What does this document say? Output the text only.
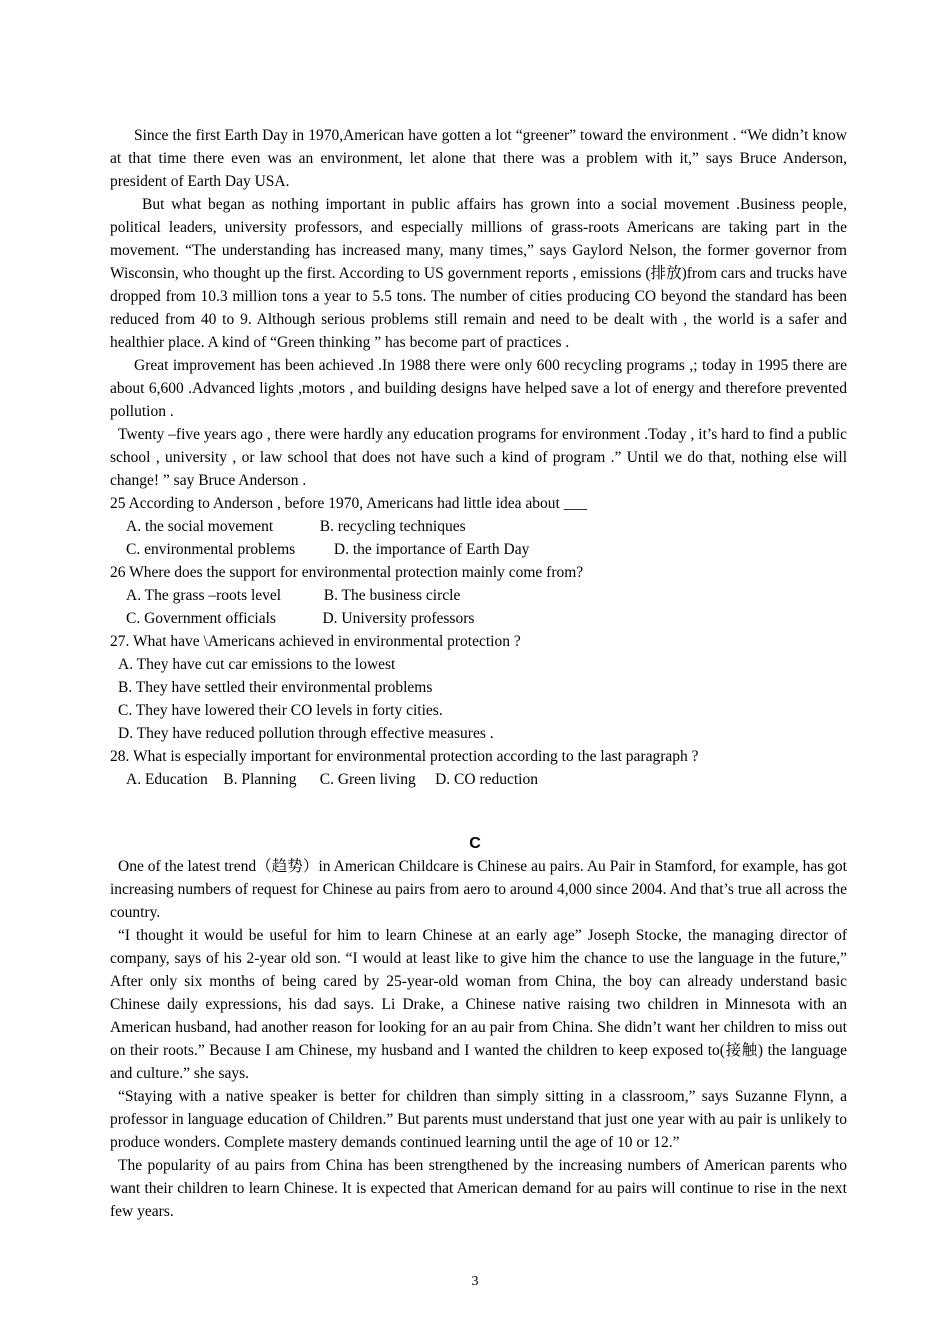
Since the first Earth Day in 1970,American have gotten a lot “greener” toward the environment . “We didn’t know at that time there even was an environment, let alone that there was a problem with it,” says Bruce Anderson, president of Earth Day USA.

But what began as nothing important in public affairs has grown into a social movement .Business people, political leaders, university professors, and especially millions of grass-roots Americans are taking part in the movement. “The understanding has increased many, many times,” says Gaylord Nelson, the former governor from Wisconsin, who thought up the first. According to US government reports , emissions (排放)from cars and trucks have dropped from 10.3 million tons a year to 5.5 tons. The number of cities producing CO beyond the standard has been reduced from 40 to 9. Although serious problems still remain and need to be dealt with , the world is a safer and healthier place. A kind of “Green thinking ” has become part of practices .

Great improvement has been achieved .In 1988 there were only 600 recycling programs ,; today in 1995 there are about 6,600 .Advanced lights ,motors , and building designs have helped save a lot of energy and therefore prevented pollution .

Twenty –five years ago , there were hardly any education programs for environment .Today , it’s hard to find a public school , university , or law school that does not have such a kind of program .” Until we do that, nothing else will change! ” say Bruce Anderson .

25 According to Anderson , before 1970, Americans had little idea about ___

A. the social movement            B. recycling techniques

C. environmental problems          D. the importance of Earth Day

26 Where does the support for environmental protection mainly come from?

A. The grass –roots level           B. The business circle

C. Government officials            D. University professors

27. What have \Americans achieved in environmental protection ?

A. They have cut car emissions to the lowest

B. They have settled their environmental problems

C. They have lowered their CO levels in forty cities.

D. They have reduced pollution through effective measures .

28. What is especially important for environmental protection according to the last paragraph ?

A. Education    B. Planning      C. Green living     D. CO reduction

C

One of the latest trend（趋势）in American Childcare is Chinese au pairs. Au Pair in Stamford, for example, has got increasing numbers of request for Chinese au pairs from aero to around 4,000 since 2004. And that’s true all across the country.

“I thought it would be useful for him to learn Chinese at an early age” Joseph Stocke, the managing director of company, says of his 2-year old son. “I would at least like to give him the chance to use the language in the future,” After only six months of being cared by 25-year-old woman from China, the boy can already understand basic Chinese daily expressions, his dad says. Li Drake, a Chinese native raising two children in Minnesota with an American husband, had another reason for looking for an au pair from China. She didn’t want her children to miss out on their roots.” Because I am Chinese, my husband and I wanted the children to keep exposed to(接触) the language and culture.” she says.

“Staying with a native speaker is better for children than simply sitting in a classroom,” says Suzanne Flynn, a professor in language education of Children.” But parents must understand that just one year with au pair is unlikely to produce wonders. Complete mastery demands continued learning until the age of 10 or 12.”

The popularity of au pairs from China has been strengthened by the increasing numbers of American parents who want their children to learn Chinese. It is expected that American demand for au pairs will continue to rise in the next few years.

3
